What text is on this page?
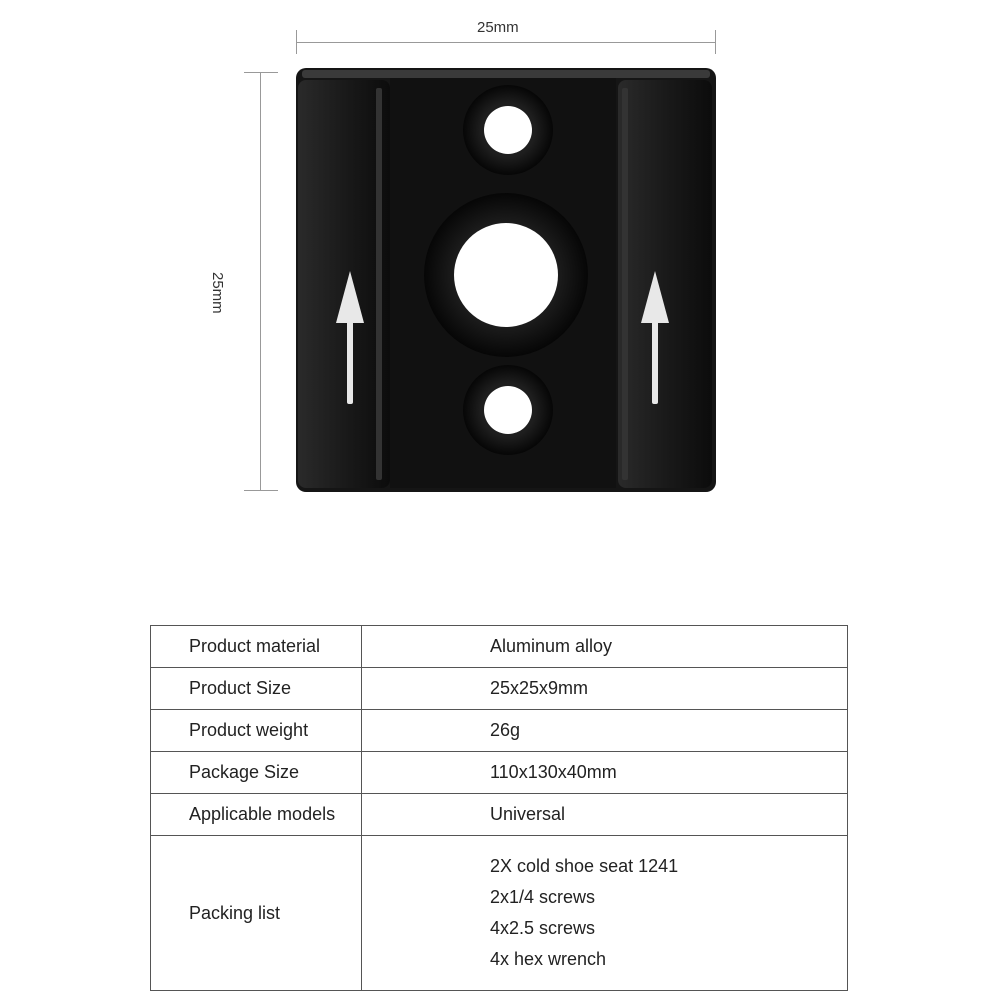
25mm
25mm
Product material	Aluminum alloy
Product Size	25x25x9mm
Product weight	26g
Package Size	110x130x40mm
Applicable models	Universal
Packing list	2X cold shoe seat 1241
2x1/4 screws
4x2.5 screws
4x hex wrench
